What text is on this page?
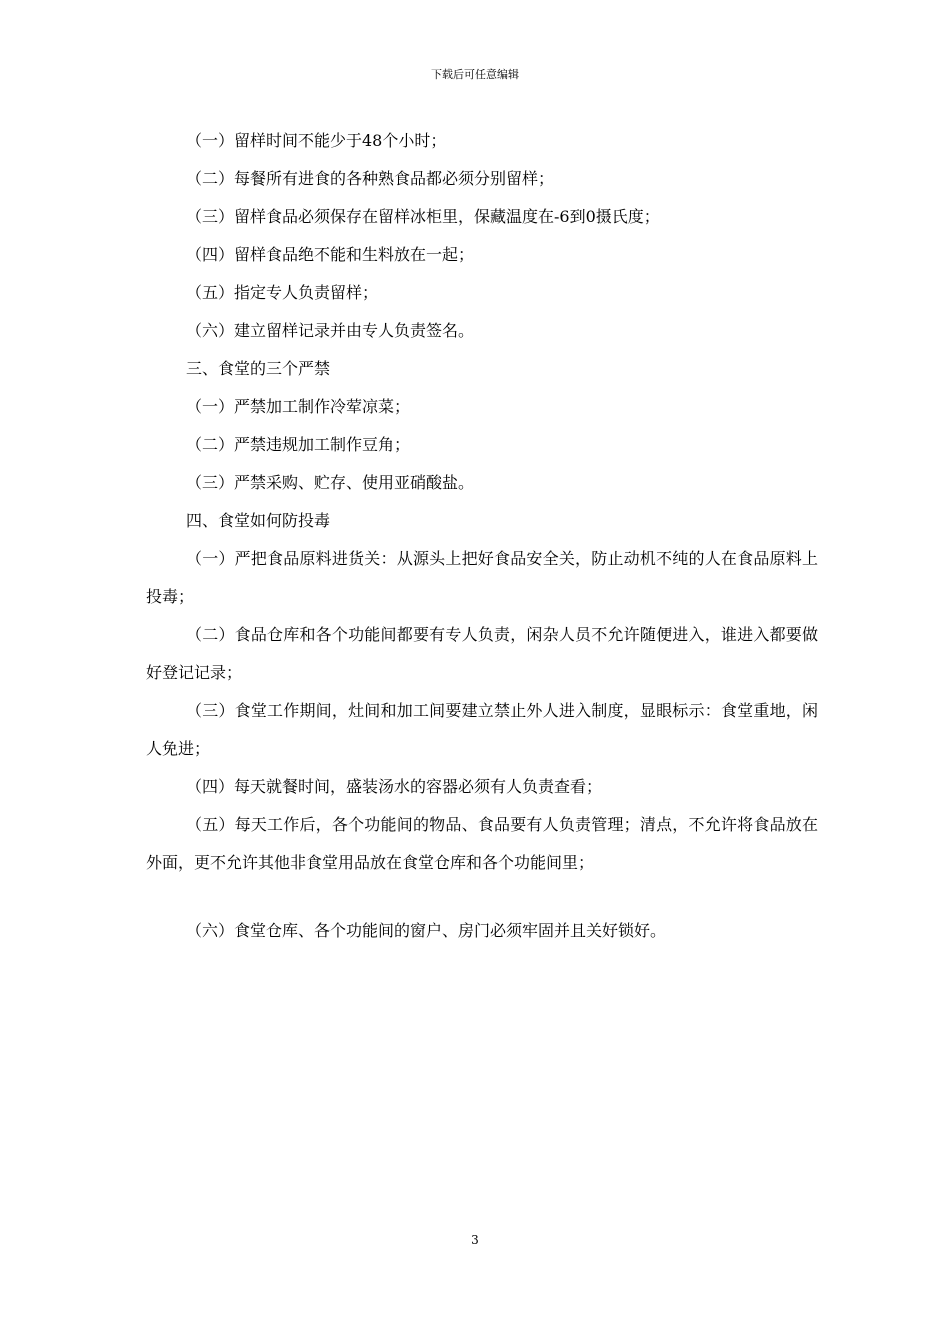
下载后可任意编辑

（一）留样时间不能少于48个小时；

（二）每餐所有进食的各种熟食品都必须分别留样；

（三）留样食品必须保存在留样冰柜里，保藏温度在-6到0摄氏度；

（四）留样食品绝不能和生料放在一起；

（五）指定专人负责留样；

（六）建立留样记录并由专人负责签名。

三、食堂的三个严禁

（一）严禁加工制作冷荤凉菜；

（二）严禁违规加工制作豆角；

（三）严禁采购、贮存、使用亚硝酸盐。

四、食堂如何防投毒

（一）严把食品原料进货关：从源头上把好食品安全关，防止动机不纯的人在食品原料上投毒；

（二）食品仓库和各个功能间都要有专人负责，闲杂人员不允许随便进入，谁进入都要做好登记记录；

（三）食堂工作期间，灶间和加工间要建立禁止外人进入制度，显眼标示：食堂重地，闲人免进；

（四）每天就餐时间，盛装汤水的容器必须有人负责查看；

（五）每天工作后，各个功能间的物品、食品要有人负责管理；清点，不允许将食品放在外面，更不允许其他非食堂用品放在食堂仓库和各个功能间里；

（六）食堂仓库、各个功能间的窗户、房门必须牢固并且关好锁好。

3
